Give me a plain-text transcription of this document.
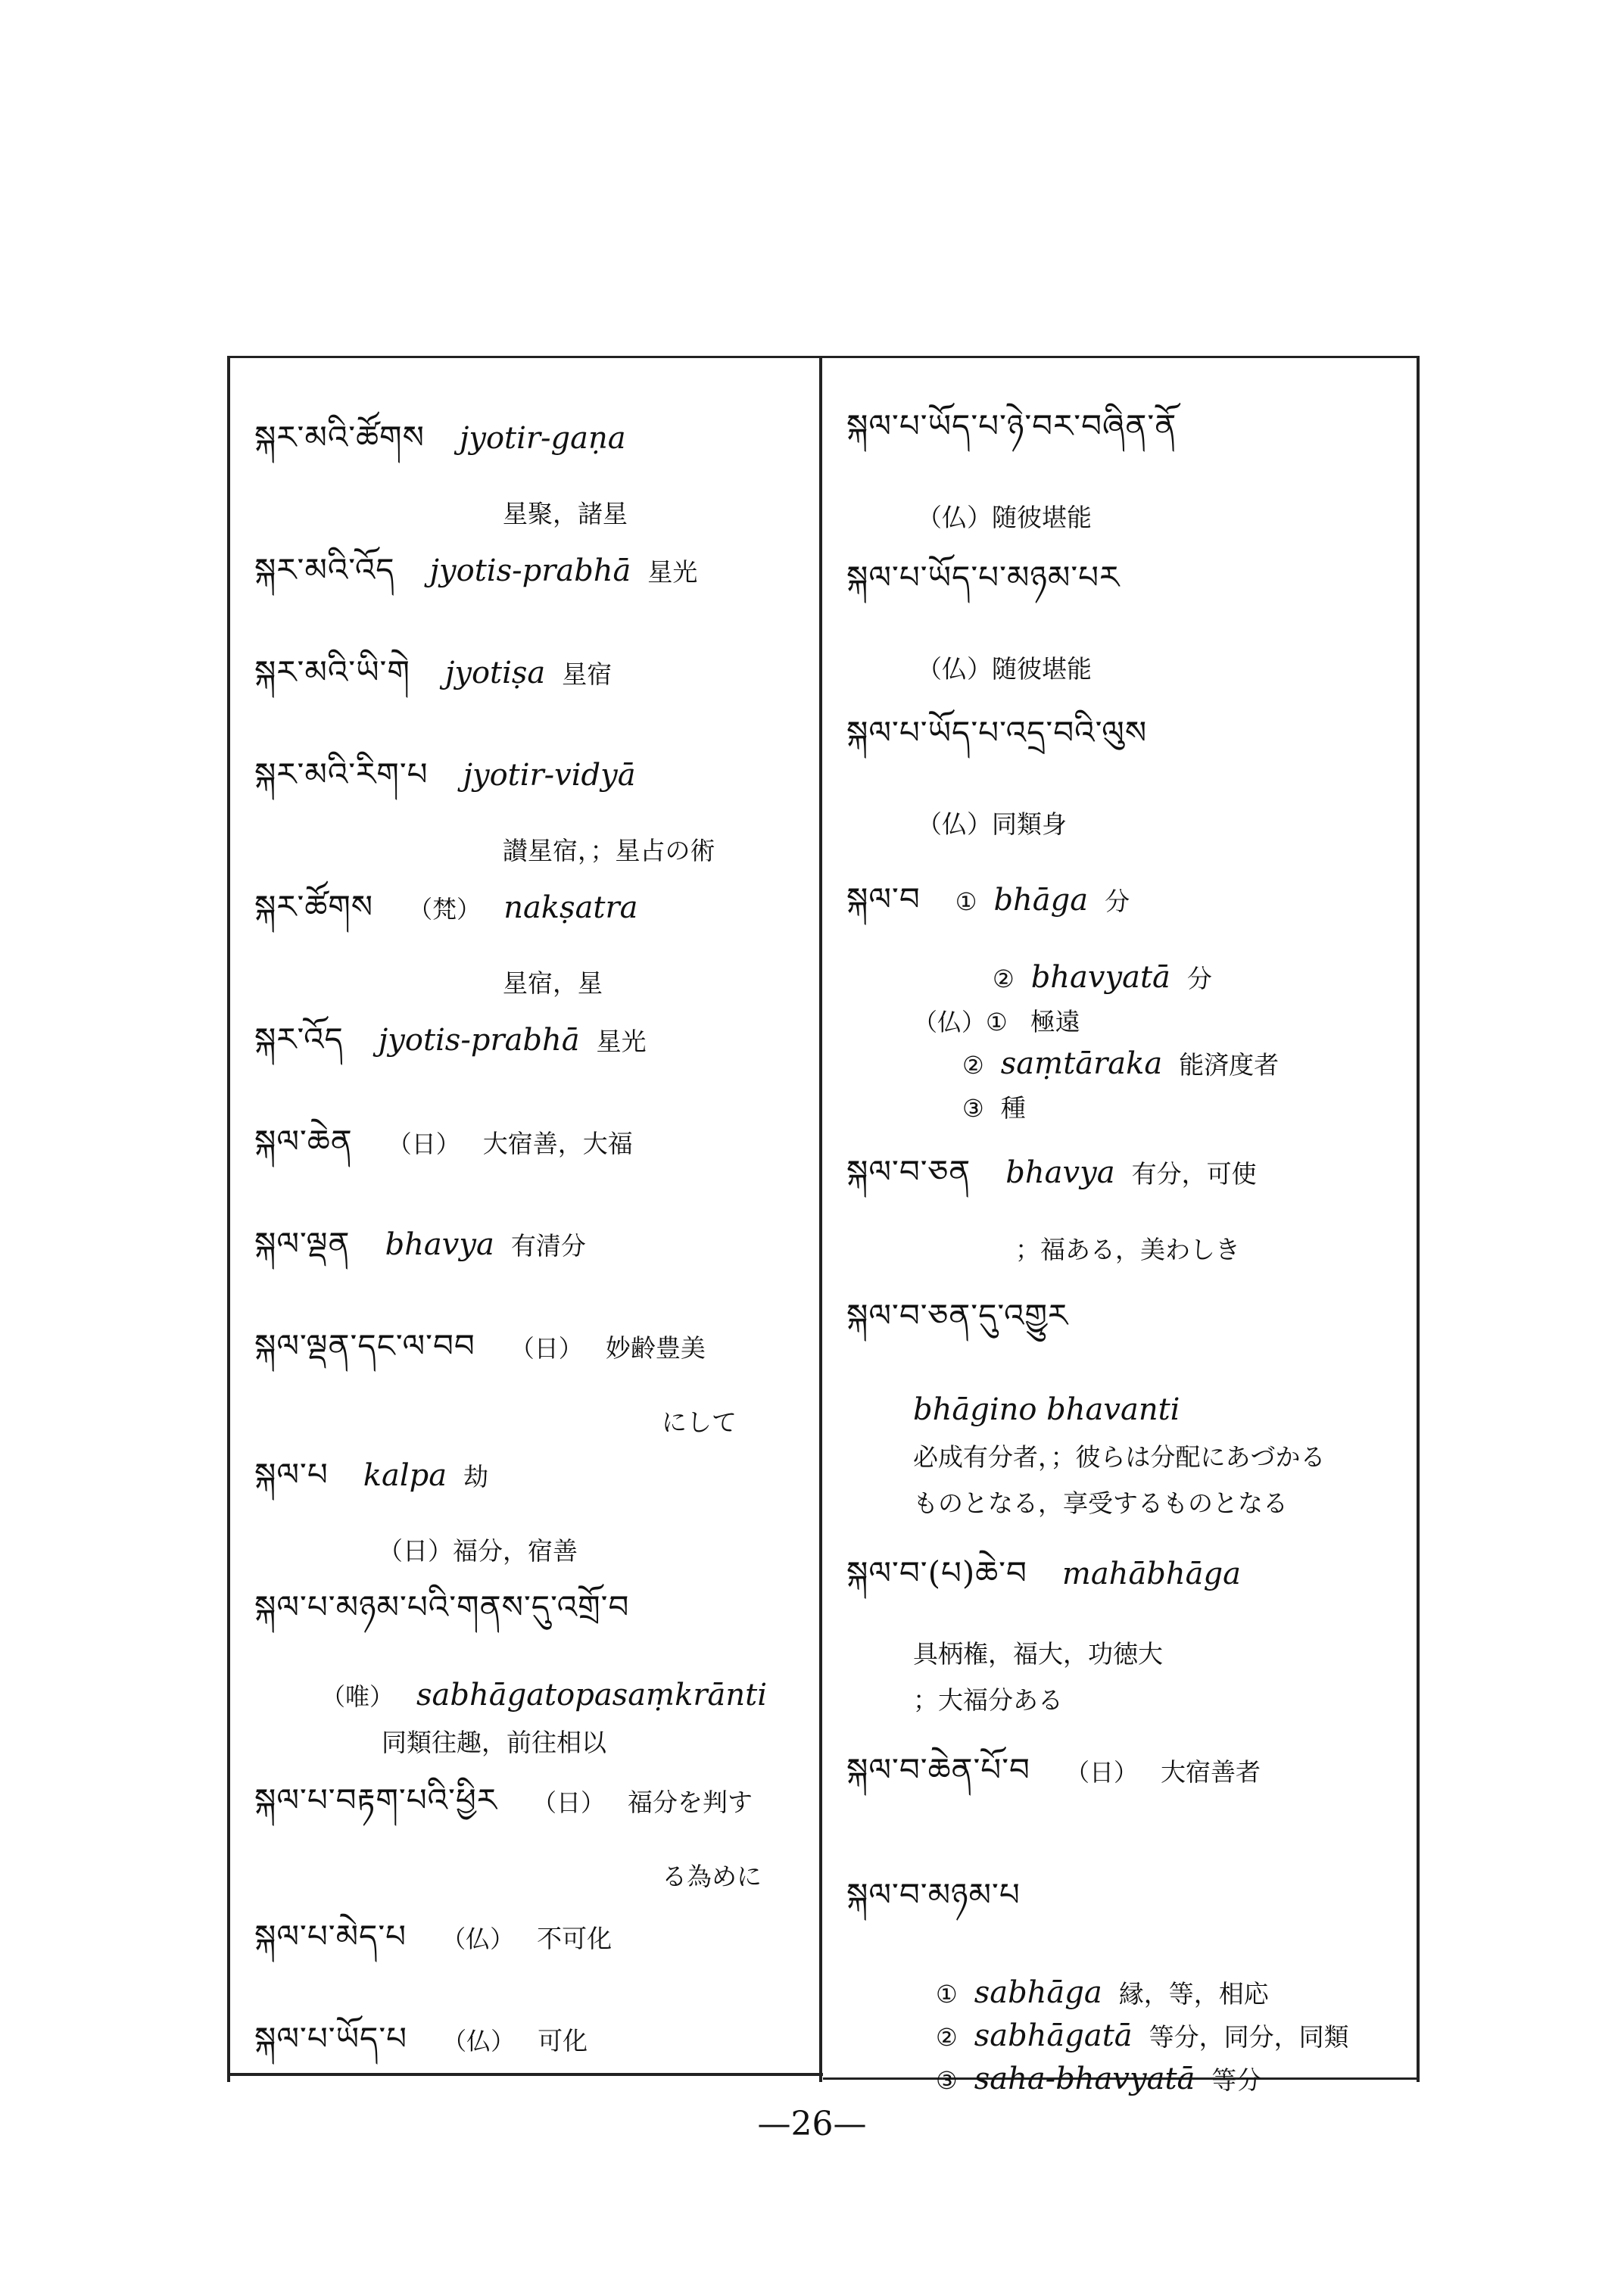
སྐར་མའི་ཚོགས jyotir-gaṇa
星聚，諸星
སྐར་མའི་འོད jyotis-prabhā 星光
སྐར་མའི་ཡི་གེ jyotiṣa 星宿
སྐར་མའི་རིག་པ jyotir-vidyā
讃星宿，；星占の術
སྐར་ཚོགས （梵） nakṣatra
星宿，星
སྐར་འོད jyotis-prabhā 星光
སྐལ་ཆེན （日） 大宿善，大福
སྐལ་ལྡན bhavya 有清分
སྐལ་ལྡན་དང་ལ་བབ （日） 妙齢豊美
にして
སྐལ་པ kalpa 劫
（日）福分，宿善
སྐལ་པ་མཉམ་པའི་གནས་དུ་འགྲོ་བ
（唯） sabhāgatopasaṃkrānti
同類往趣，前往相以
སྐལ་པ་བརྟག་པའི་ཕྱིར （日） 福分を判す
る為めに
སྐལ་པ་མེད་པ （仏） 不可化
སྐལ་པ་ཡོད་པ （仏） 可化
སྐལ་པ་ཡོད་པ་ཉེ་བར་བཞིན་ནོ
（仏）随彼堪能
སྐལ་པ་ཡོད་པ་མཉམ་པར
（仏）随彼堪能
སྐལ་པ་ཡོད་པ་འདྲ་བའི་ལུས
（仏）同類身
སྐལ་བ ① bhāga 分
② bhavyatā 分
（仏）① 極遠
② saṃtāraka 能済度者
③ 種
སྐལ་བ་ཅན bhavya 有分，可使
；福ある，美わしき
སྐལ་བ་ཅན་དུ་འགྱུར
bhāgino bhavanti
必成有分者，；彼らは分配にあづかる
ものとなる，享受するものとなる
སྐལ་བ་(པ)ཆེ་བ mahābhāga
具柄権，福大，功徳大
；大福分ある
སྐལ་བ་ཆེན་པོ་བ （日） 大宿善者
སྐལ་བ་མཉམ་པ
① sabhāga 縁，等，相応
② sabhāgatā 等分，同分，同類
③ saha-bhavyatā 等分
—26—
